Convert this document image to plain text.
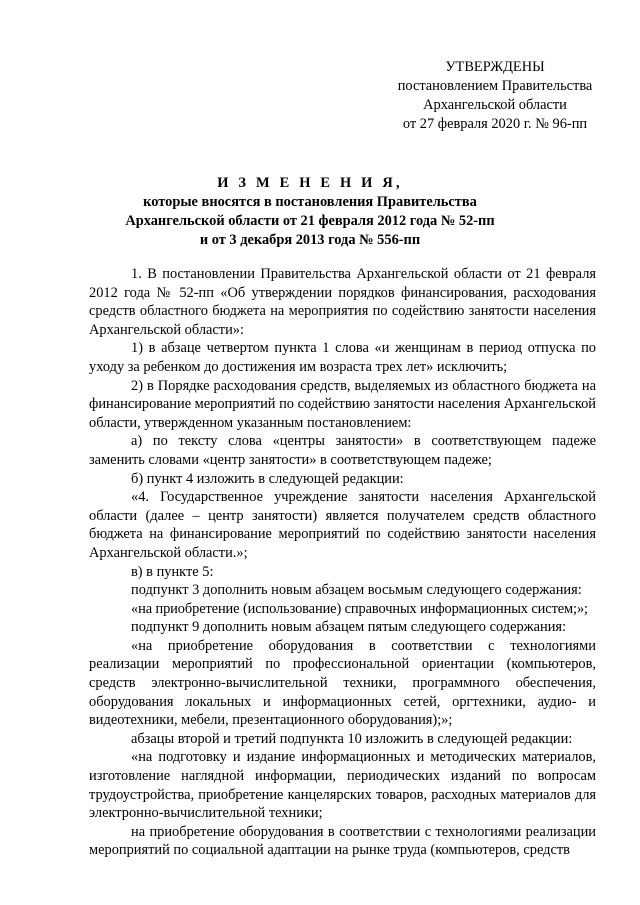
УТВЕРЖДЕНЫ
постановлением Правительства
Архангельской области
от 27 февраля 2020 г. № 96-пп
И З М Е Н Е Н И Я,
которые вносятся в постановления Правительства
Архангельской области от 21 февраля 2012 года № 52-пп
и от 3 декабря 2013 года № 556-пп
1. В постановлении Правительства Архангельской области от 21 февраля 2012 года № 52-пп «Об утверждении порядков финансирования, расходования средств областного бюджета на мероприятия по содействию занятости населения Архангельской области»:
1) в абзаце четвертом пункта 1 слова «и женщинам в период отпуска по уходу за ребенком до достижения им возраста трех лет» исключить;
2) в Порядке расходования средств, выделяемых из областного бюджета на финансирование мероприятий по содействию занятости населения Архангельской области, утвержденном указанным постановлением:
а) по тексту слова «центры занятости» в соответствующем падеже заменить словами «центр занятости» в соответствующем падеже;
б) пункт 4 изложить в следующей редакции:
«4. Государственное учреждение занятости населения Архангельской области (далее – центр занятости) является получателем средств областного бюджета на финансирование мероприятий по содействию занятости населения Архангельской области.»;
в) в пункте 5:
подпункт 3 дополнить новым абзацем восьмым следующего содержания:
«на приобретение (использование) справочных информационных систем;»;
подпункт 9 дополнить новым абзацем пятым следующего содержания:
«на приобретение оборудования в соответствии с технологиями реализации мероприятий по профессиональной ориентации (компьютеров, средств электронно-вычислительной техники, программного обеспечения, оборудования локальных и информационных сетей, оргтехники, аудио- и видеотехники, мебели, презентационного оборудования);»;
абзацы второй и третий подпункта 10 изложить в следующей редакции:
«на подготовку и издание информационных и методических материалов, изготовление наглядной информации, периодических изданий по вопросам трудоустройства, приобретение канцелярских товаров, расходных материалов для электронно-вычислительной техники;
на приобретение оборудования в соответствии с технологиями реализации мероприятий по социальной адаптации на рынке труда (компьютеров, средств
